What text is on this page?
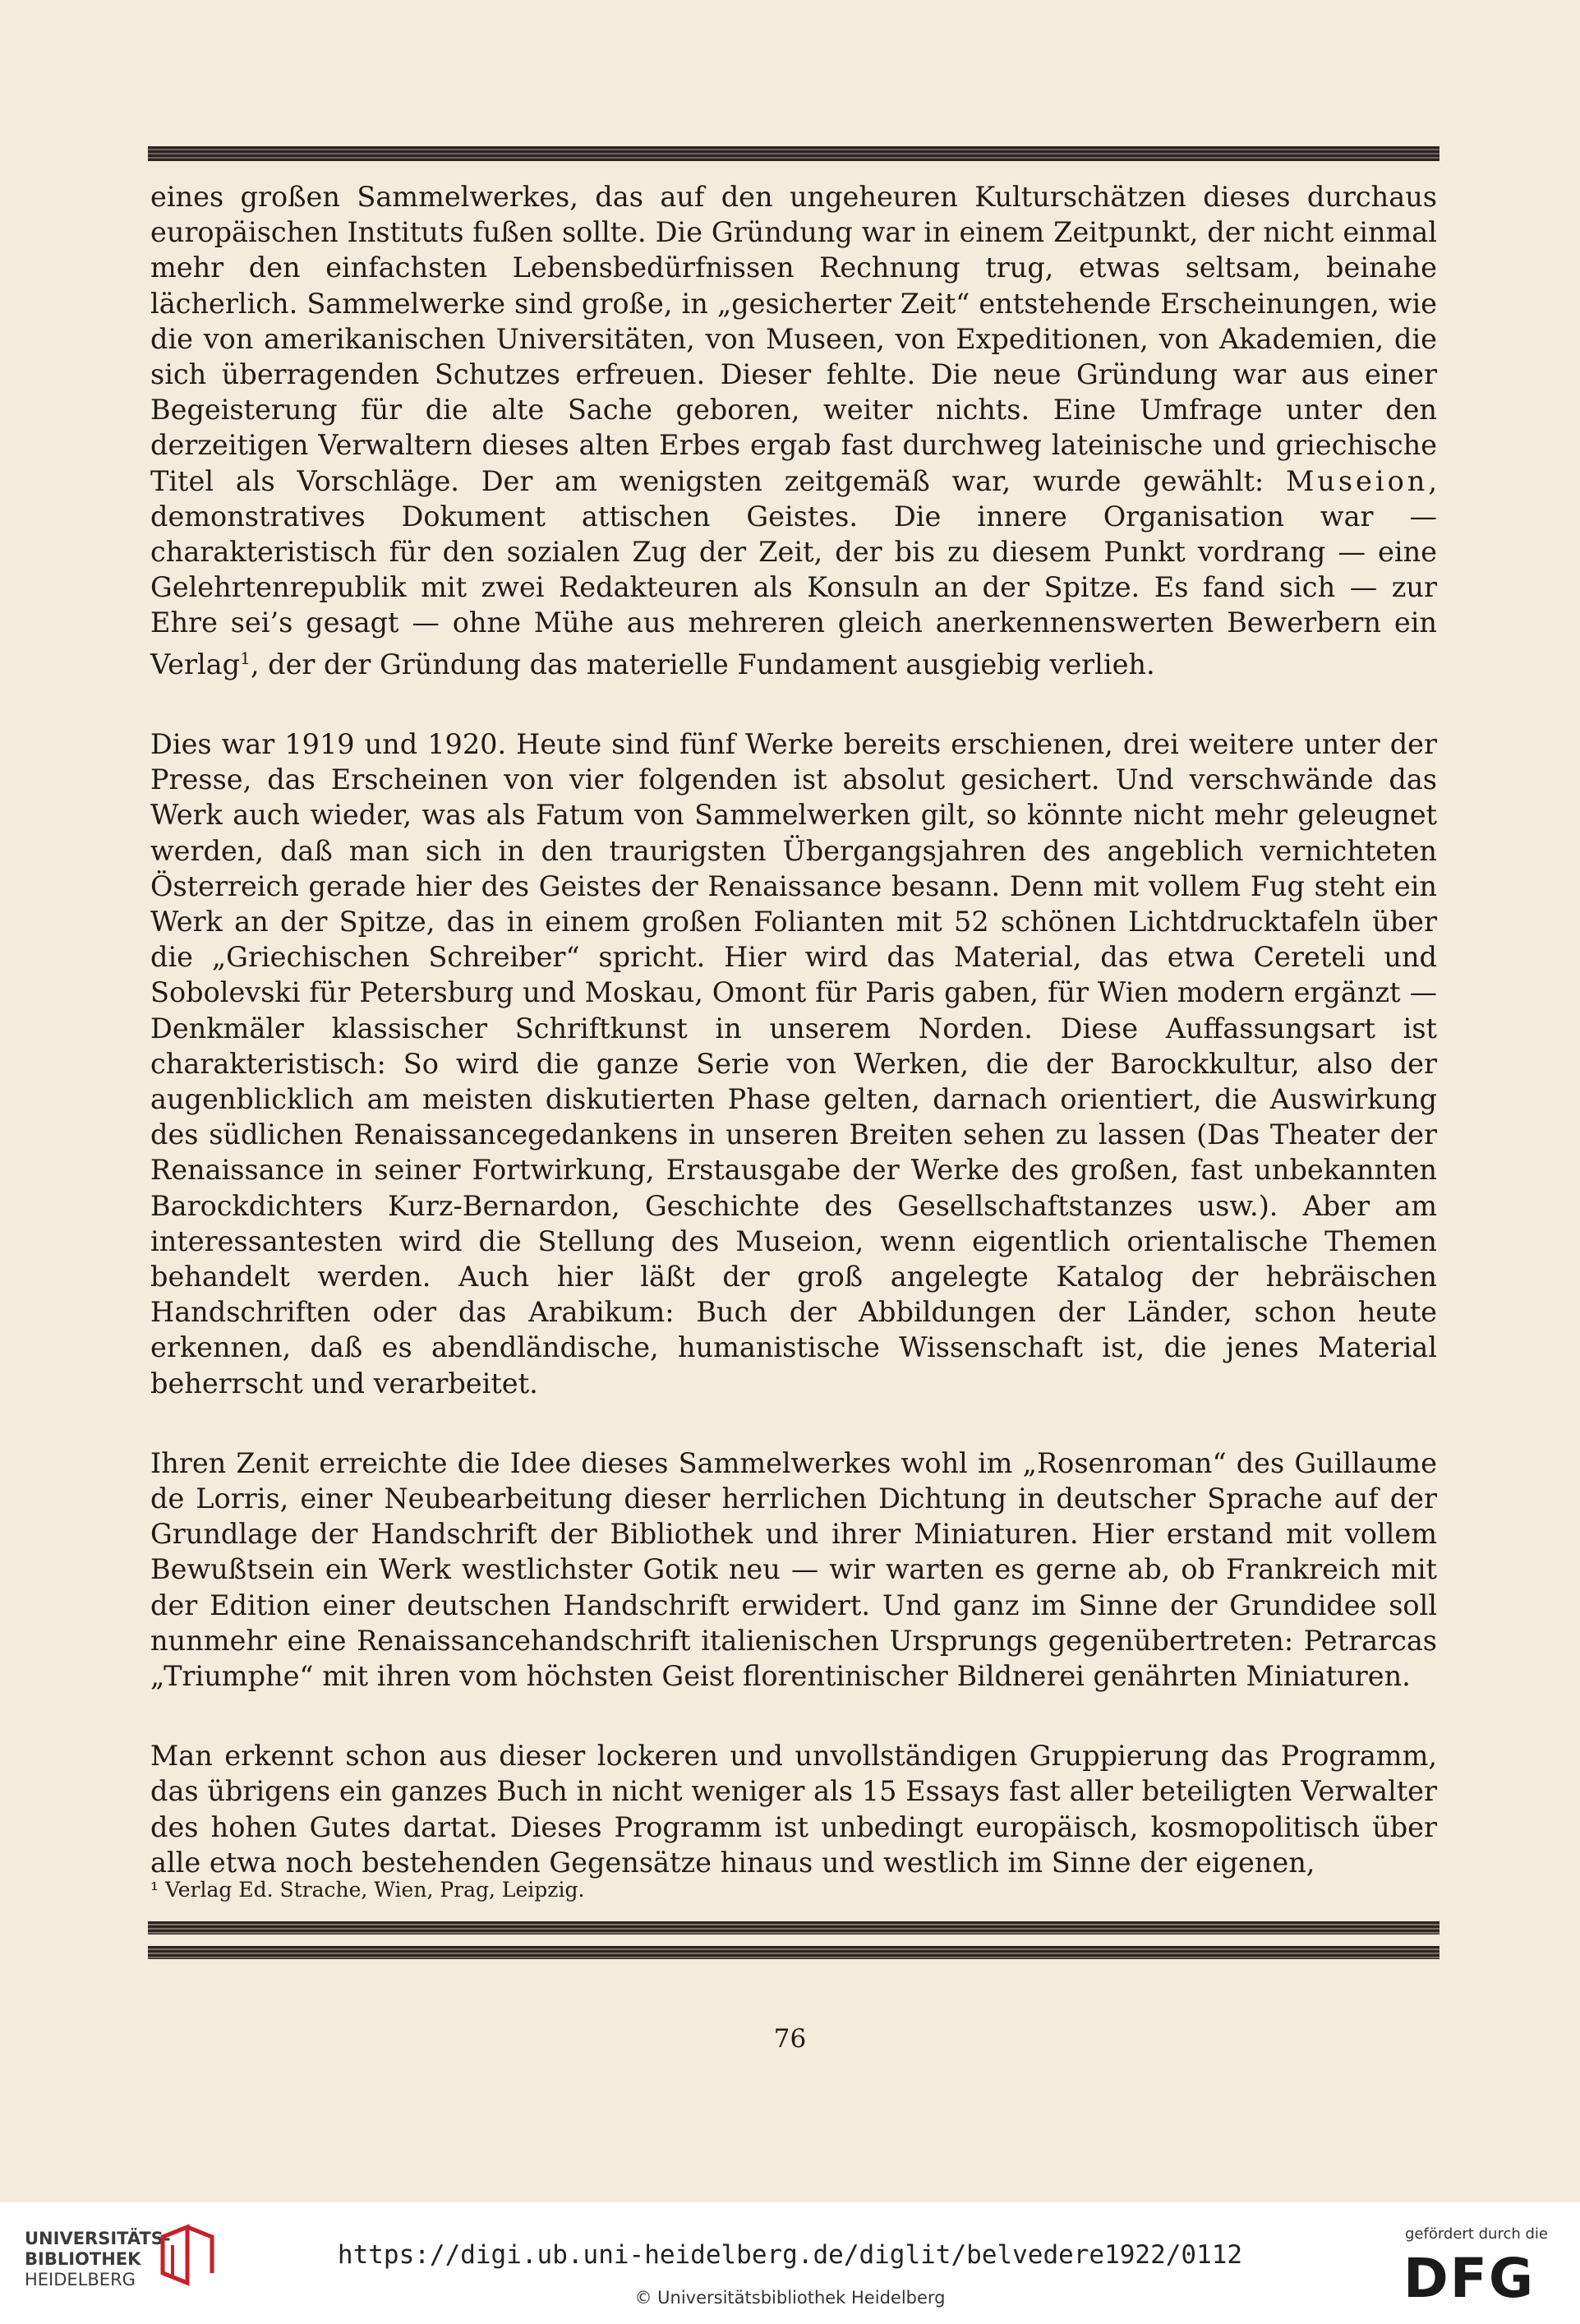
eines großen Sammelwerkes, das auf den ungeheuren Kulturschätzen dieses durchaus europäischen Instituts fußen sollte. Die Gründung war in einem Zeitpunkt, der nicht einmal mehr den einfachsten Lebensbedürfnissen Rechnung trug, etwas seltsam, beinahe lächerlich. Sammelwerke sind große, in „gesicherter Zeit“ entstehende Erscheinungen, wie die von amerikanischen Universitäten, von Museen, von Expeditionen, von Akademien, die sich überragenden Schutzes erfreuen. Dieser fehlte. Die neue Gründung war aus einer Begeisterung für die alte Sache geboren, weiter nichts. Eine Umfrage unter den derzeitigen Verwaltern dieses alten Erbes ergab fast durchweg lateinische und griechische Titel als Vorschläge. Der am wenigsten zeitgemäß war, wurde gewählt: Museion, demonstratives Dokument attischen Geistes. Die innere Organisation war — charakteristisch für den sozialen Zug der Zeit, der bis zu diesem Punkt vordrang — eine Gelehrtenrepublik mit zwei Redakteuren als Konsuln an der Spitze. Es fand sich — zur Ehre sei’s gesagt — ohne Mühe aus mehreren gleich anerkennenswerten Bewerbern ein Verlag$^1$, der der Gründung das materielle Fundament ausgiebig verlieh.

Dies war 1919 und 1920. Heute sind fünf Werke bereits erschienen, drei weitere unter der Presse, das Erscheinen von vier folgenden ist absolut gesichert. Und verschwände das Werk auch wieder, was als Fatum von Sammelwerken gilt, so könnte nicht mehr geleugnet werden, daß man sich in den traurigsten Übergangsjahren des angeblich vernichteten Österreich gerade hier des Geistes der Renaissance besann. Denn mit vollem Fug steht ein Werk an der Spitze, das in einem großen Folianten mit 52 schönen Lichtdrucktafeln über die „Griechischen Schreiber“ spricht. Hier wird das Material, das etwa Cereteli und Sobolevski für Petersburg und Moskau, Omont für Paris gaben, für Wien modern ergänzt — Denkmäler klassischer Schriftkunst in unserem Norden. Diese Auffassungsart ist charakteristisch: So wird die ganze Serie von Werken, die der Barockkultur, also der augenblicklich am meisten diskutierten Phase gelten, darnach orientiert, die Auswirkung des südlichen Renaissancegedankens in unseren Breiten sehen zu lassen (Das Theater der Renaissance in seiner Fortwirkung, Erstausgabe der Werke des großen, fast unbekannten Barockdichters Kurz-Bernardon, Geschichte des Gesellschaftstanzes usw.). Aber am interessantesten wird die Stellung des Museion, wenn eigentlich orientalische Themen behandelt werden. Auch hier läßt der groß angelegte Katalog der hebräischen Handschriften oder das Arabikum: Buch der Abbildungen der Länder, schon heute erkennen, daß es abendländische, humanistische Wissenschaft ist, die jenes Material beherrscht und verarbeitet.

Ihren Zenit erreichte die Idee dieses Sammelwerkes wohl im „Rosenroman“ des Guillaume de Lorris, einer Neubearbeitung dieser herrlichen Dichtung in deutscher Sprache auf der Grundlage der Handschrift der Bibliothek und ihrer Miniaturen. Hier erstand mit vollem Bewußtsein ein Werk westlichster Gotik neu — wir warten es gerne ab, ob Frankreich mit der Edition einer deutschen Handschrift erwidert. Und ganz im Sinne der Grundidee soll nunmehr eine Renaissancehandschrift italienischen Ursprungs gegenübertreten: Petrarcas „Triumphe“ mit ihren vom höchsten Geist florentinischer Bildnerei genährten Miniaturen.

Man erkennt schon aus dieser lockeren und unvollständigen Gruppierung das Programm, das übrigens ein ganzes Buch in nicht weniger als 15 Essays fast aller beteiligten Verwalter des hohen Gutes dartat. Dieses Programm ist unbedingt europäisch, kosmopolitisch über alle etwa noch bestehenden Gegensätze hinaus und westlich im Sinne der eigenen,

¹ Verlag Ed. Strache, Wien, Prag, Leipzig.
76
UNIVERSITÄTS-
BIBLIOTHEK
HEIDELBERG
https://digi.ub.uni-heidelberg.de/diglit/belvedere1922/0112
© Universitätsbibliothek Heidelberg
gefördert durch die
DFG
